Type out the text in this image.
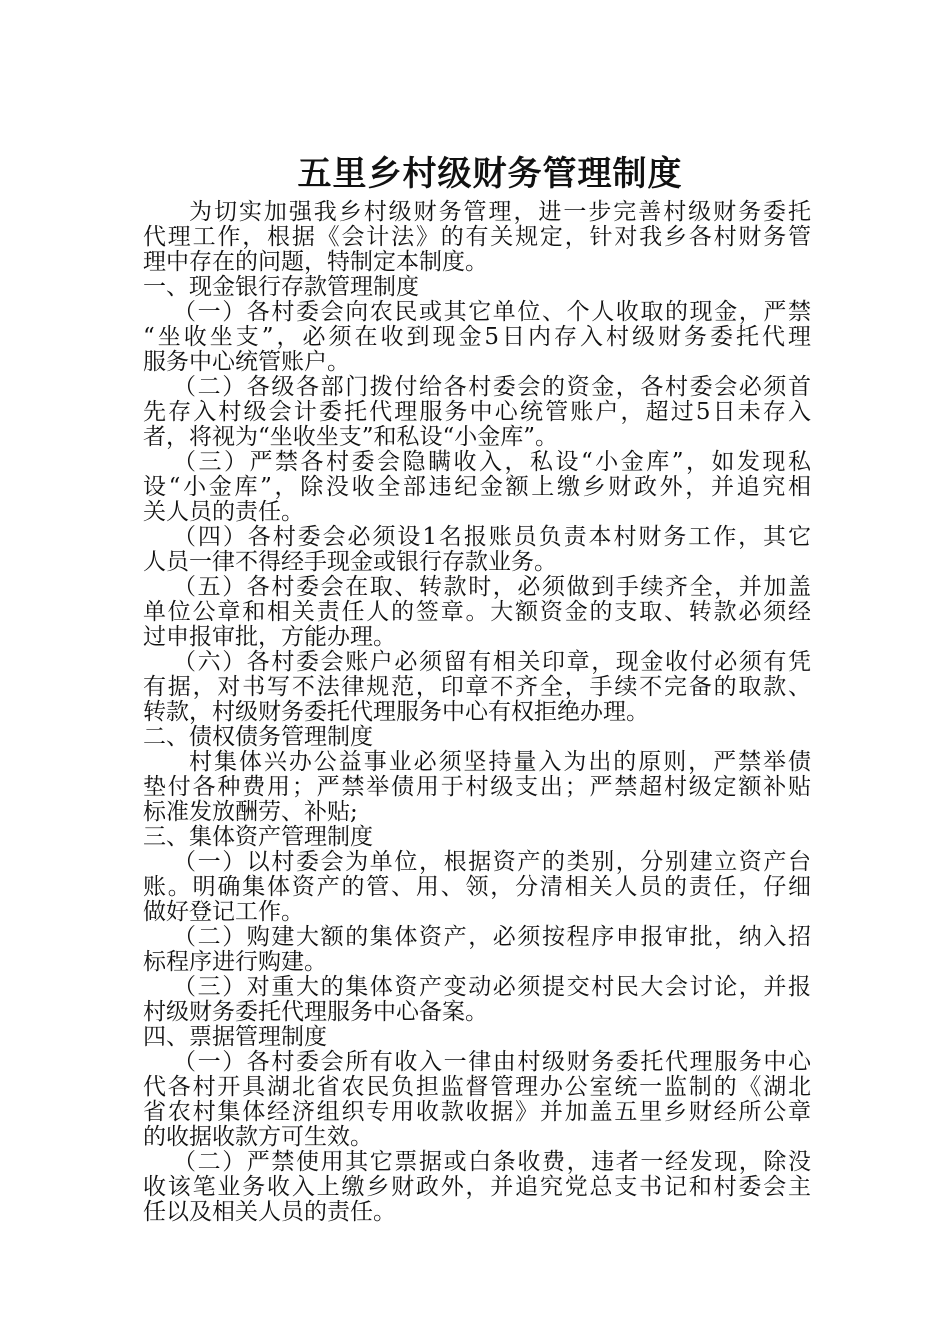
五里乡村级财务管理制度
为切实加强我乡村级财务管理，进一步完善村级财务委托
代理工作，根据《会计法》的有关规定，针对我乡各村财务管
理中存在的问题，特制定本制度。
一、现金银行存款管理制度
（一）各村委会向农民或其它单位、个人收取的现金，严禁
“坐收坐支”，必须在收到现金5日内存入村级财务委托代理
服务中心统管账户。
（二）各级各部门拨付给各村委会的资金，各村委会必须首
先存入村级会计委托代理服务中心统管账户，超过5日未存入
者，将视为“坐收坐支”和私设“小金库”。
（三）严禁各村委会隐瞒收入，私设“小金库”，如发现私
设“小金库”，除没收全部违纪金额上缴乡财政外，并追究相
关人员的责任。
（四）各村委会必须设1名报账员负责本村财务工作，其它
人员一律不得经手现金或银行存款业务。
（五）各村委会在取、转款时，必须做到手续齐全，并加盖
单位公章和相关责任人的签章。大额资金的支取、转款必须经
过申报审批，方能办理。
（六）各村委会账户必须留有相关印章，现金收付必须有凭
有据，对书写不法律规范，印章不齐全，手续不完备的取款、
转款，村级财务委托代理服务中心有权拒绝办理。
二、债权债务管理制度
村集体兴办公益事业必须坚持量入为出的原则，严禁举债
垫付各种费用；严禁举债用于村级支出；严禁超村级定额补贴
标准发放酬劳、补贴;
三、集体资产管理制度
（一）以村委会为单位，根据资产的类别，分别建立资产台
账。明确集体资产的管、用、领，分清相关人员的责任，仔细
做好登记工作。
（二）购建大额的集体资产，必须按程序申报审批，纳入招
标程序进行购建。
（三）对重大的集体资产变动必须提交村民大会讨论，并报
村级财务委托代理服务中心备案。
四、票据管理制度
（一）各村委会所有收入一律由村级财务委托代理服务中心
代各村开具湖北省农民负担监督管理办公室统一监制的《湖北
省农村集体经济组织专用收款收据》并加盖五里乡财经所公章
的收据收款方可生效。
（二）严禁使用其它票据或白条收费，违者一经发现，除没
收该笔业务收入上缴乡财政外，并追究党总支书记和村委会主
任以及相关人员的责任。
